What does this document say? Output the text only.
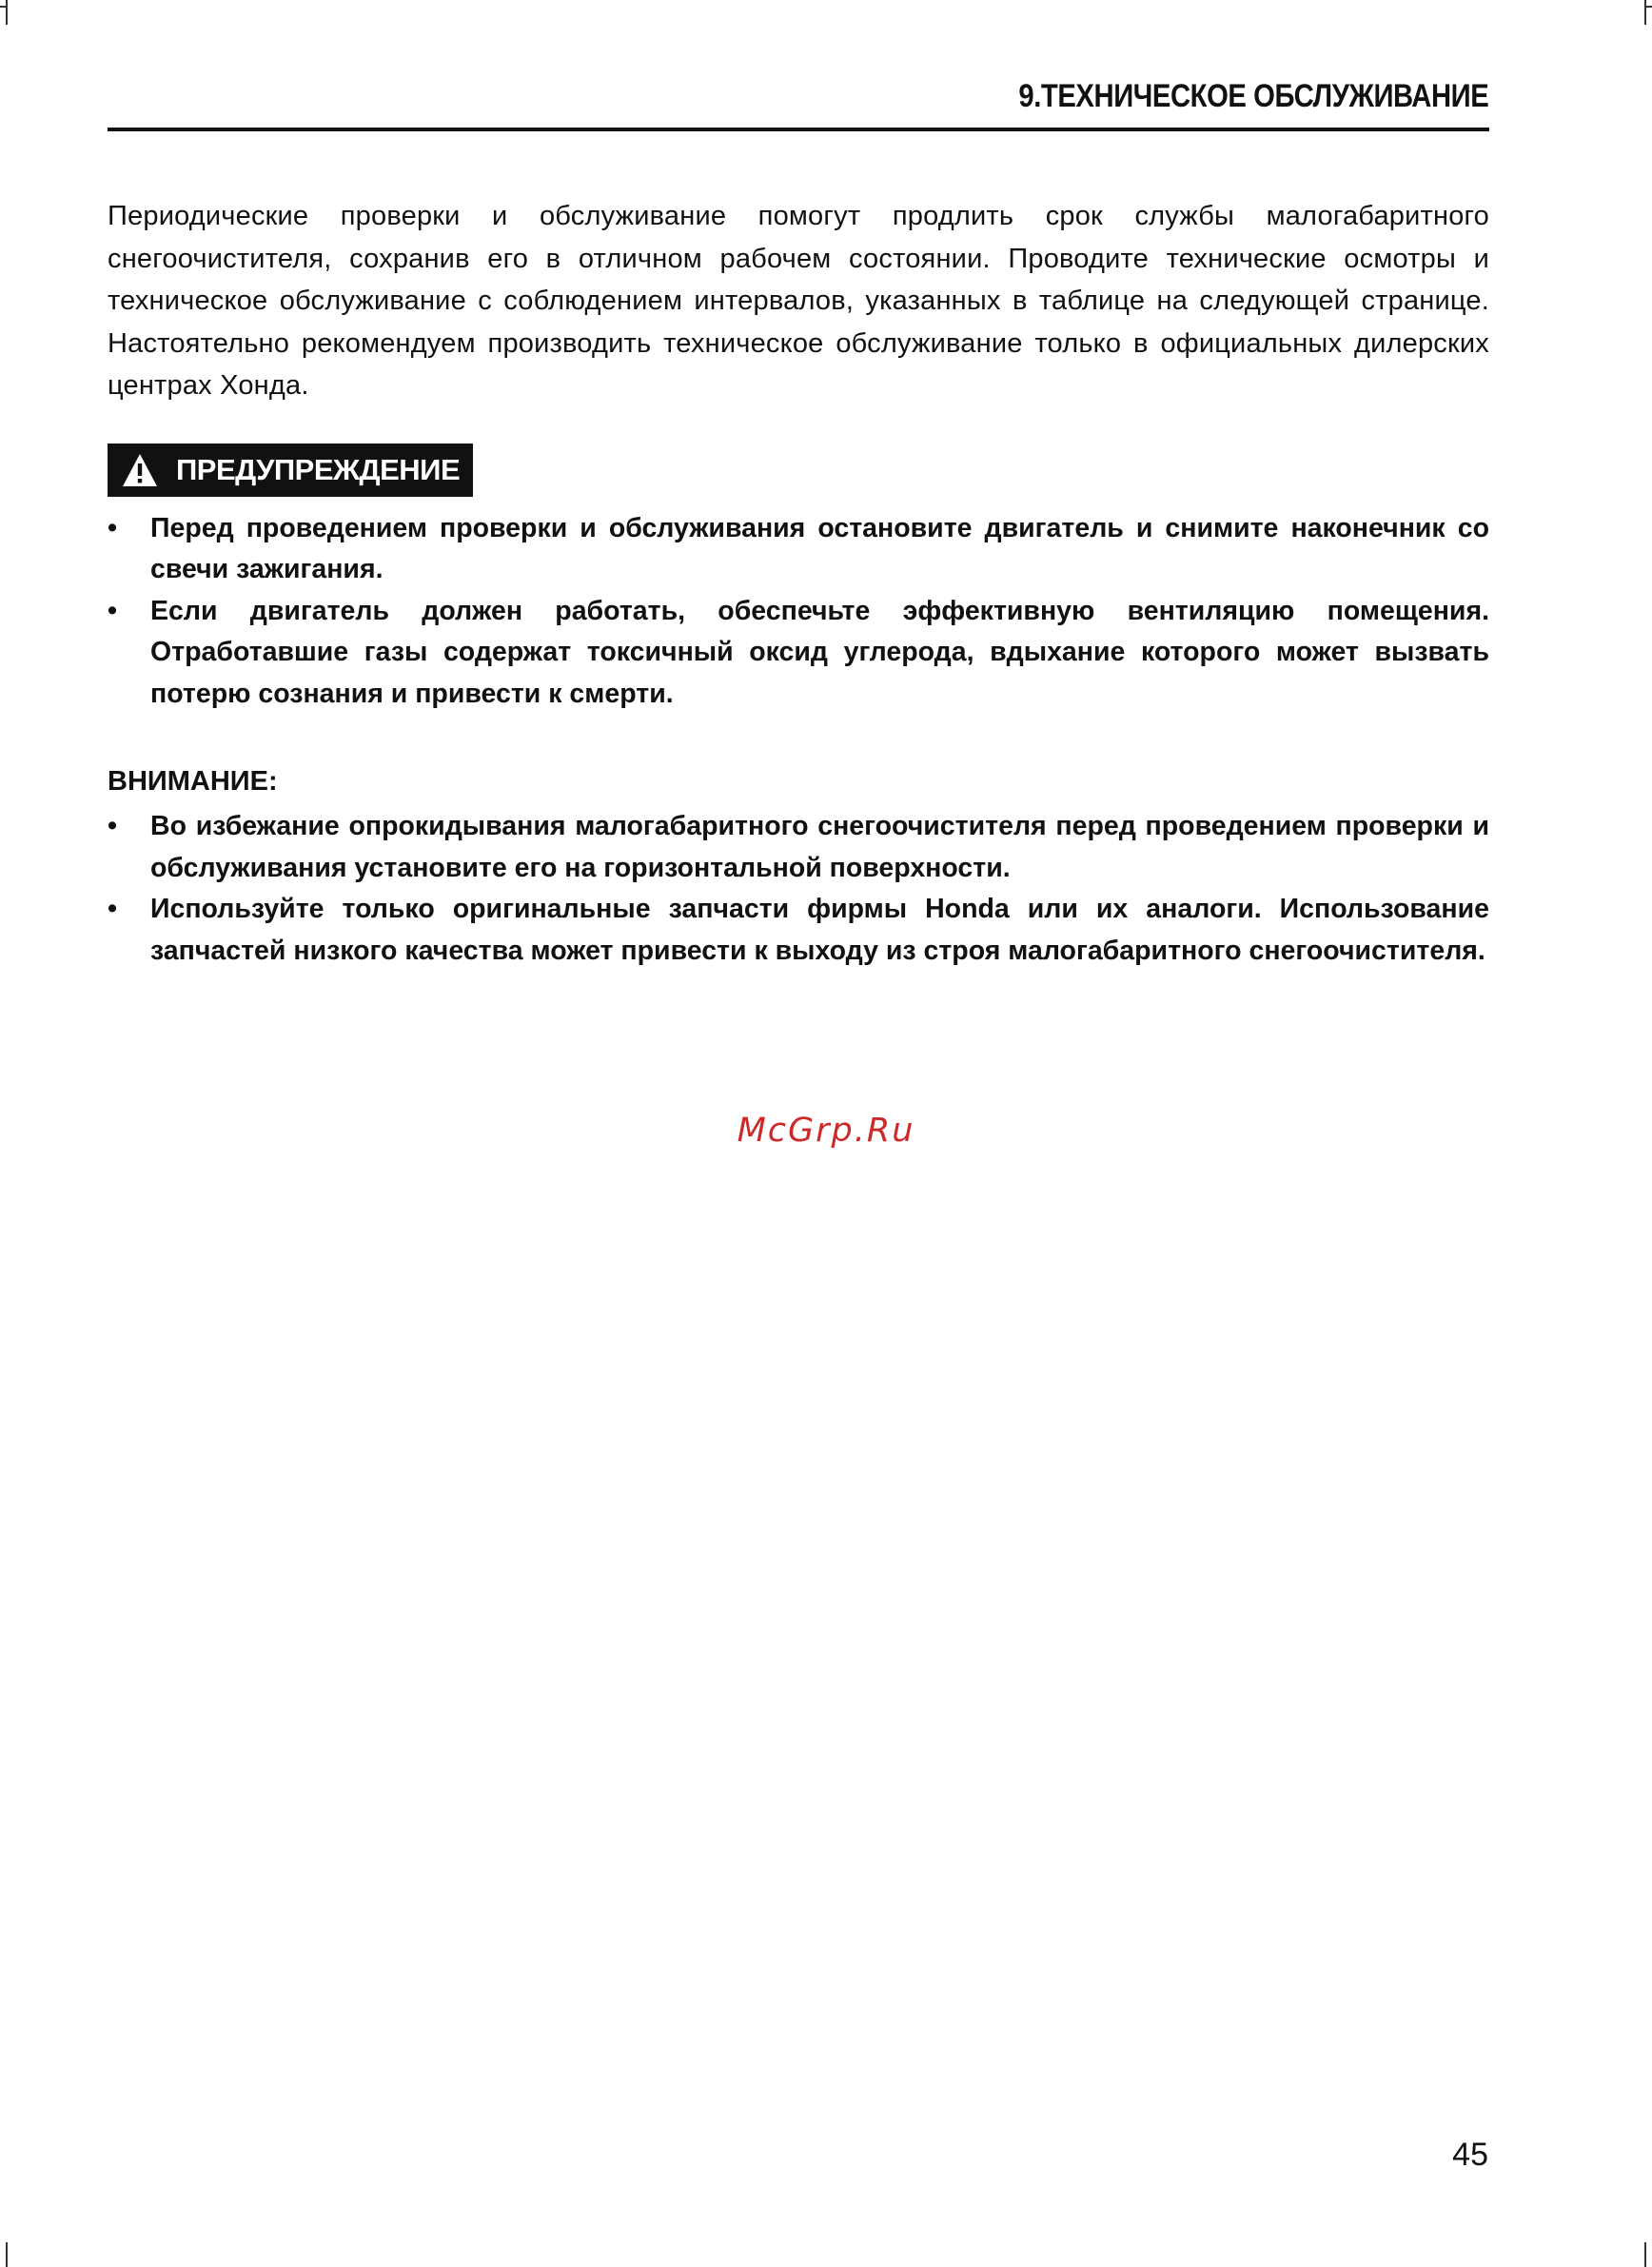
9.ТЕХНИЧЕСКОЕ ОБСЛУЖИВАНИЕ

Периодические проверки и обслуживание помогут продлить срок службы малогабаритного снегоочистителя, сохранив его в отличном рабочем состоянии. Проводите технические осмотры и техническое обслуживание с соблюдением интервалов, указанных в таблице на следующей странице. Настоятельно рекомендуем производить техническое обслуживание только в официальных дилерских центрах Хонда.

ПРЕДУПРЕЖДЕНИЕ
• Перед проведением проверки и обслуживания остановите двигатель и снимите наконечник со свечи зажигания.
• Если двигатель должен работать, обеспечьте эффективную вентиляцию помещения. Отработавшие газы содержат токсичный оксид углерода, вдыхание которого может вызвать потерю сознания и привести к смерти.
ВНИМАНИЕ:
• Во избежание опрокидывания малогабаритного снегоочистителя перед проведением проверки и обслуживания установите его на горизонтальной поверхности.
• Используйте только оригинальные запчасти фирмы Honda или их аналоги. Использование запчастей низкого качества может привести к выходу из строя малогабаритного снегоочистителя.
McGrp.Ru
45
